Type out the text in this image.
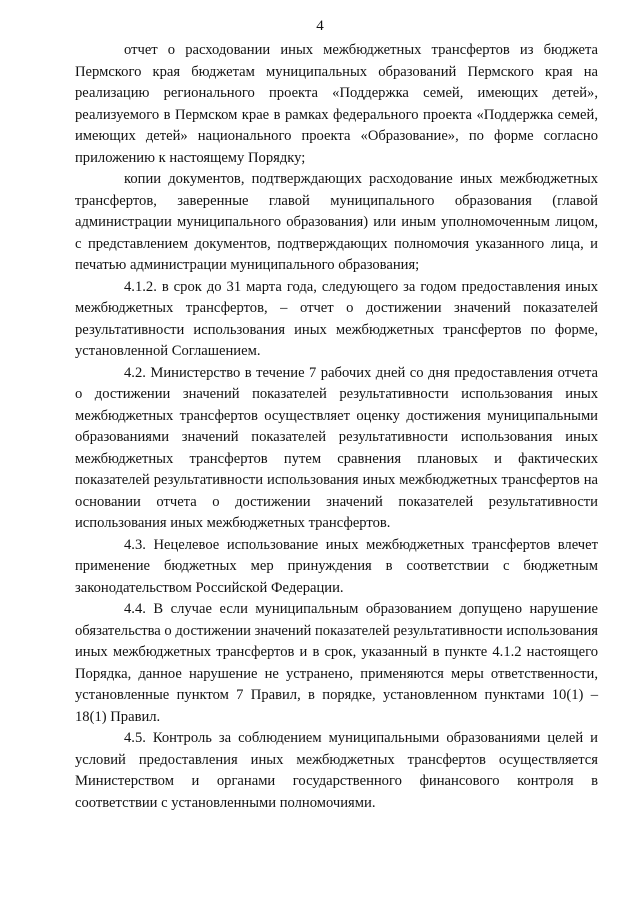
4

отчет о расходовании иных межбюджетных трансфертов из бюджета Пермского края бюджетам муниципальных образований Пермского края на реализацию регионального проекта «Поддержка семей, имеющих детей», реализуемого в Пермском крае в рамках федерального проекта «Поддержка семей, имеющих детей» национального проекта «Образование», по форме согласно приложению к настоящему Порядку;

копии документов, подтверждающих расходование иных межбюджетных трансфертов, заверенные главой муниципального образования (главой администрации муниципального образования) или иным уполномоченным лицом, с представлением документов, подтверждающих полномочия указанного лица, и печатью администрации муниципального образования;

4.1.2. в срок до 31 марта года, следующего за годом предоставления иных межбюджетных трансфертов, – отчет о достижении значений показателей результативности использования иных межбюджетных трансфертов по форме, установленной Соглашением.

4.2. Министерство в течение 7 рабочих дней со дня предоставления отчета о достижении значений показателей результативности использования иных межбюджетных трансфертов осуществляет оценку достижения муниципальными образованиями значений показателей результативности использования иных межбюджетных трансфертов путем сравнения плановых и фактических показателей результативности использования иных межбюджетных трансфертов на основании отчета о достижении значений показателей результативности использования иных межбюджетных трансфертов.

4.3. Нецелевое использование иных межбюджетных трансфертов влечет применение бюджетных мер принуждения в соответствии с бюджетным законодательством Российской Федерации.

4.4. В случае если муниципальным образованием допущено нарушение обязательства о достижении значений показателей результативности использования иных межбюджетных трансфертов и в срок, указанный в пункте 4.1.2 настоящего Порядка, данное нарушение не устранено, применяются меры ответственности, установленные пунктом 7 Правил, в порядке, установленном пунктами 10(1) – 18(1) Правил.

4.5. Контроль за соблюдением муниципальными образованиями целей и условий предоставления иных межбюджетных трансфертов осуществляется Министерством и органами государственного финансового контроля в соответствии с установленными полномочиями.
